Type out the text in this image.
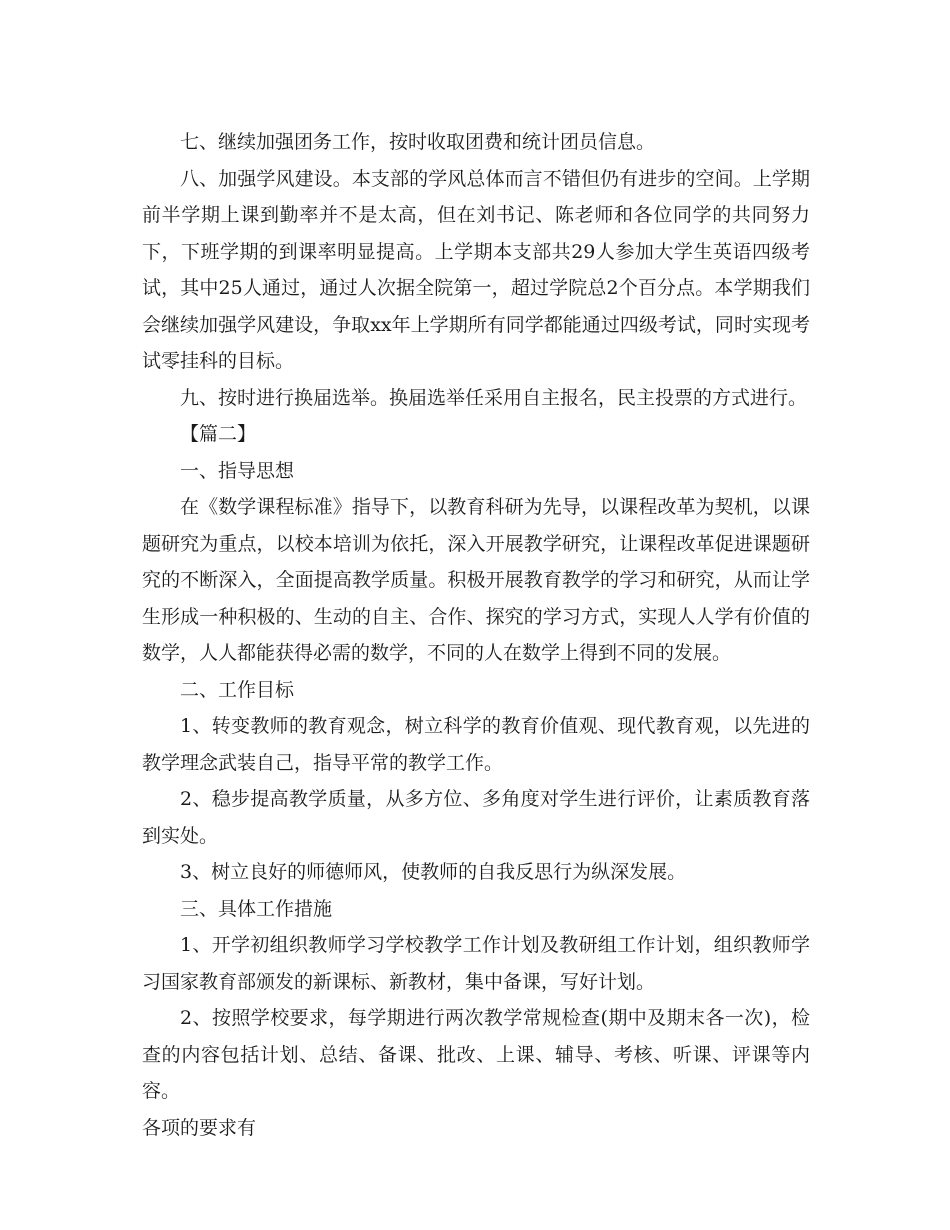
七、继续加强团务工作，按时收取团费和统计团员信息。

八、加强学风建设。本支部的学风总体而言不错但仍有进步的空间。上学期前半学期上课到勤率并不是太高，但在刘书记、陈老师和各位同学的共同努力下，下班学期的到课率明显提高。上学期本支部共29人参加大学生英语四级考试，其中25人通过，通过人次据全院第一，超过学院总2个百分点。本学期我们会继续加强学风建设，争取xx年上学期所有同学都能通过四级考试，同时实现考试零挂科的目标。

九、按时进行换届选举。换届选举任采用自主报名，民主投票的方式进行。

【篇二】

一、指导思想

在《数学课程标准》指导下，以教育科研为先导，以课程改革为契机，以课题研究为重点，以校本培训为依托，深入开展教学研究，让课程改革促进课题研究的不断深入，全面提高教学质量。积极开展教育教学的学习和研究，从而让学生形成一种积极的、生动的自主、合作、探究的学习方式，实现人人学有价值的数学，人人都能获得必需的数学，不同的人在数学上得到不同的发展。

二、工作目标

1、转变教师的教育观念，树立科学的教育价值观、现代教育观，以先进的教学理念武装自己，指导平常的教学工作。

2、稳步提高教学质量，从多方位、多角度对学生进行评价，让素质教育落到实处。

3、树立良好的师德师风，使教师的自我反思行为纵深发展。

三、具体工作措施

1、开学初组织教师学习学校教学工作计划及教研组工作计划，组织教师学习国家教育部颁发的新课标、新教材，集中备课，写好计划。

2、按照学校要求，每学期进行两次教学常规检查(期中及期末各一次)，检查的内容包括计划、总结、备课、批改、上课、辅导、考核、听课、评课等内容。

各项的要求有
